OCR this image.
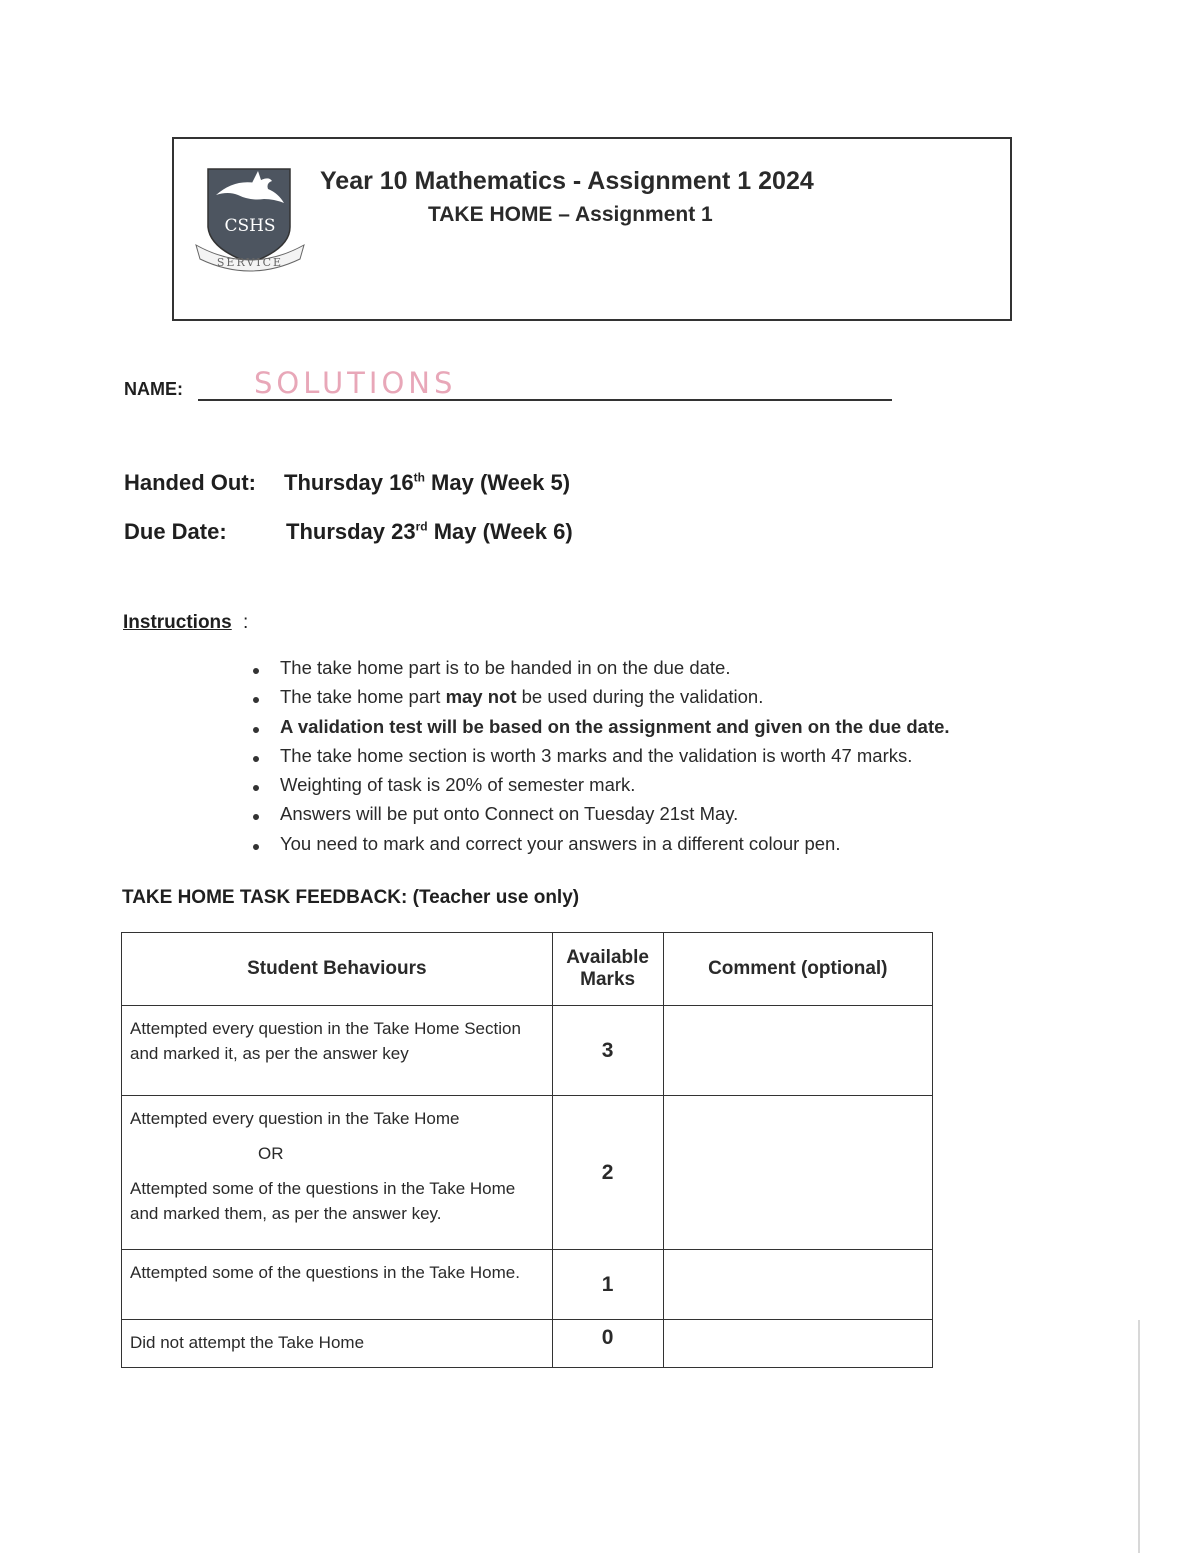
CSHS
SERVICE
Year 10 Mathematics - Assignment 1 2024
TAKE HOME – Assignment 1
NAME: SOLUTIONS
Handed Out: Thursday 16th May (Week 5)
Due Date:	Thursday 23rd May (Week 6)
Instructions :
The take home part is to be handed in on the due date.
The take home part may not be used during the validation.
A validation test will be based on the assignment and given on the due date.
The take home section is worth 3 marks and the validation is worth 47 marks.
Weighting of task is 20% of semester mark.
Answers will be put onto Connect on Tuesday 21st May.
You need to mark and correct your answers in a different colour pen.
TAKE HOME TASK FEEDBACK: (Teacher use only)
Student Behaviours	Available Marks	Comment (optional)
Attempted every question in the Take Home Section and marked it, as per the answer key	3	

Attempted every question in the Take Home
OR
Attempted some of the questions in the Take Home and marked them, as per the answer key.	2	
Attempted some of the questions in the Take Home.	1	
Did not attempt the Take Home	0	
